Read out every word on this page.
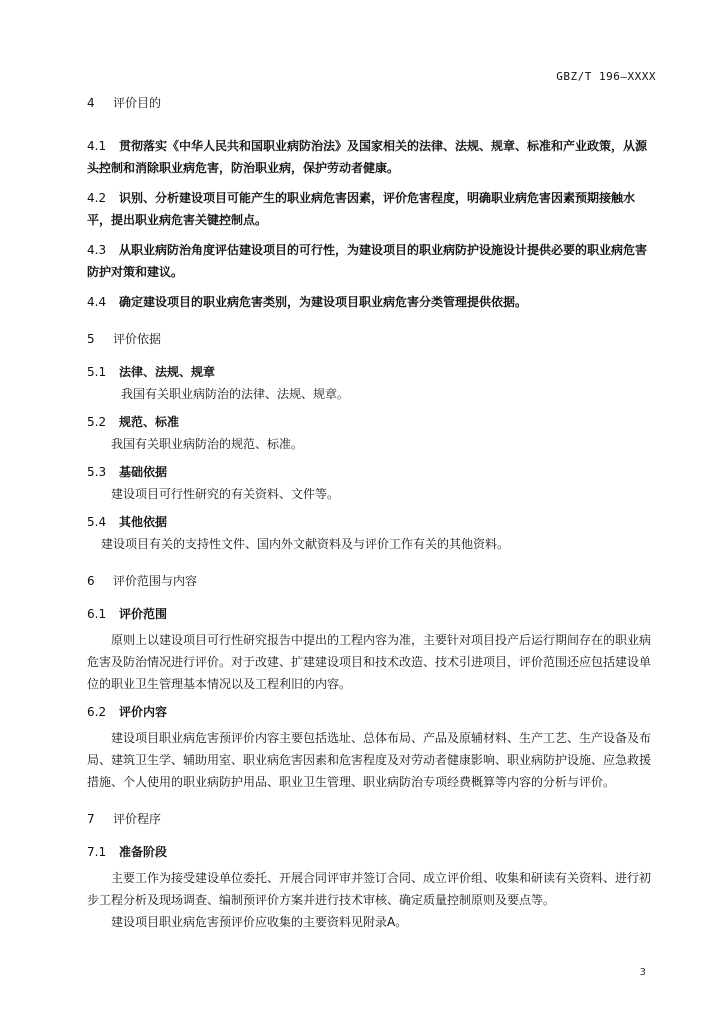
GBZ/T 196—XXXX

4 评价目的

4.1 贯彻落实《中华人民共和国职业病防治法》及国家相关的法律、法规、规章、标准和产业政策，从源头控制和消除职业病危害，防治职业病，保护劳动者健康。

4.2 识别、分析建设项目可能产生的职业病危害因素，评价危害程度，明确职业病危害因素预期接触水平，提出职业病危害关键控制点。

4.3 从职业病防治角度评估建设项目的可行性，为建设项目的职业病防护设施设计提供必要的职业病危害防护对策和建议。

4.4 确定建设项目的职业病危害类别，为建设项目职业病危害分类管理提供依据。

5 评价依据

5.1 法律、法规、规章

我国有关职业病防治的法律、法规、规章。

5.2 规范、标准

我国有关职业病防治的规范、标准。

5.3 基础依据

建设项目可行性研究的有关资料、文件等。

5.4 其他依据

建设项目有关的支持性文件、国内外文献资料及与评价工作有关的其他资料。

6 评价范围与内容

6.1 评价范围

原则上以建设项目可行性研究报告中提出的工程内容为准，主要针对项目投产后运行期间存在的职业病危害及防治情况进行评价。对于改建、扩建建设项目和技术改造、技术引进项目，评价范围还应包括建设单位的职业卫生管理基本情况以及工程利旧的内容。

6.2 评价内容

建设项目职业病危害预评价内容主要包括选址、总体布局、产品及原辅材料、生产工艺、生产设备及布局、建筑卫生学、辅助用室、职业病危害因素和危害程度及对劳动者健康影响、职业病防护设施、应急救援措施、个人使用的职业病防护用品、职业卫生管理、职业病防治专项经费概算等内容的分析与评价。

7 评价程序

7.1 准备阶段

主要工作为接受建设单位委托、开展合同评审并签订合同、成立评价组、收集和研读有关资料、进行初步工程分析及现场调查、编制预评价方案并进行技术审核、确定质量控制原则及要点等。

建设项目职业病危害预评价应收集的主要资料见附录A。

3
